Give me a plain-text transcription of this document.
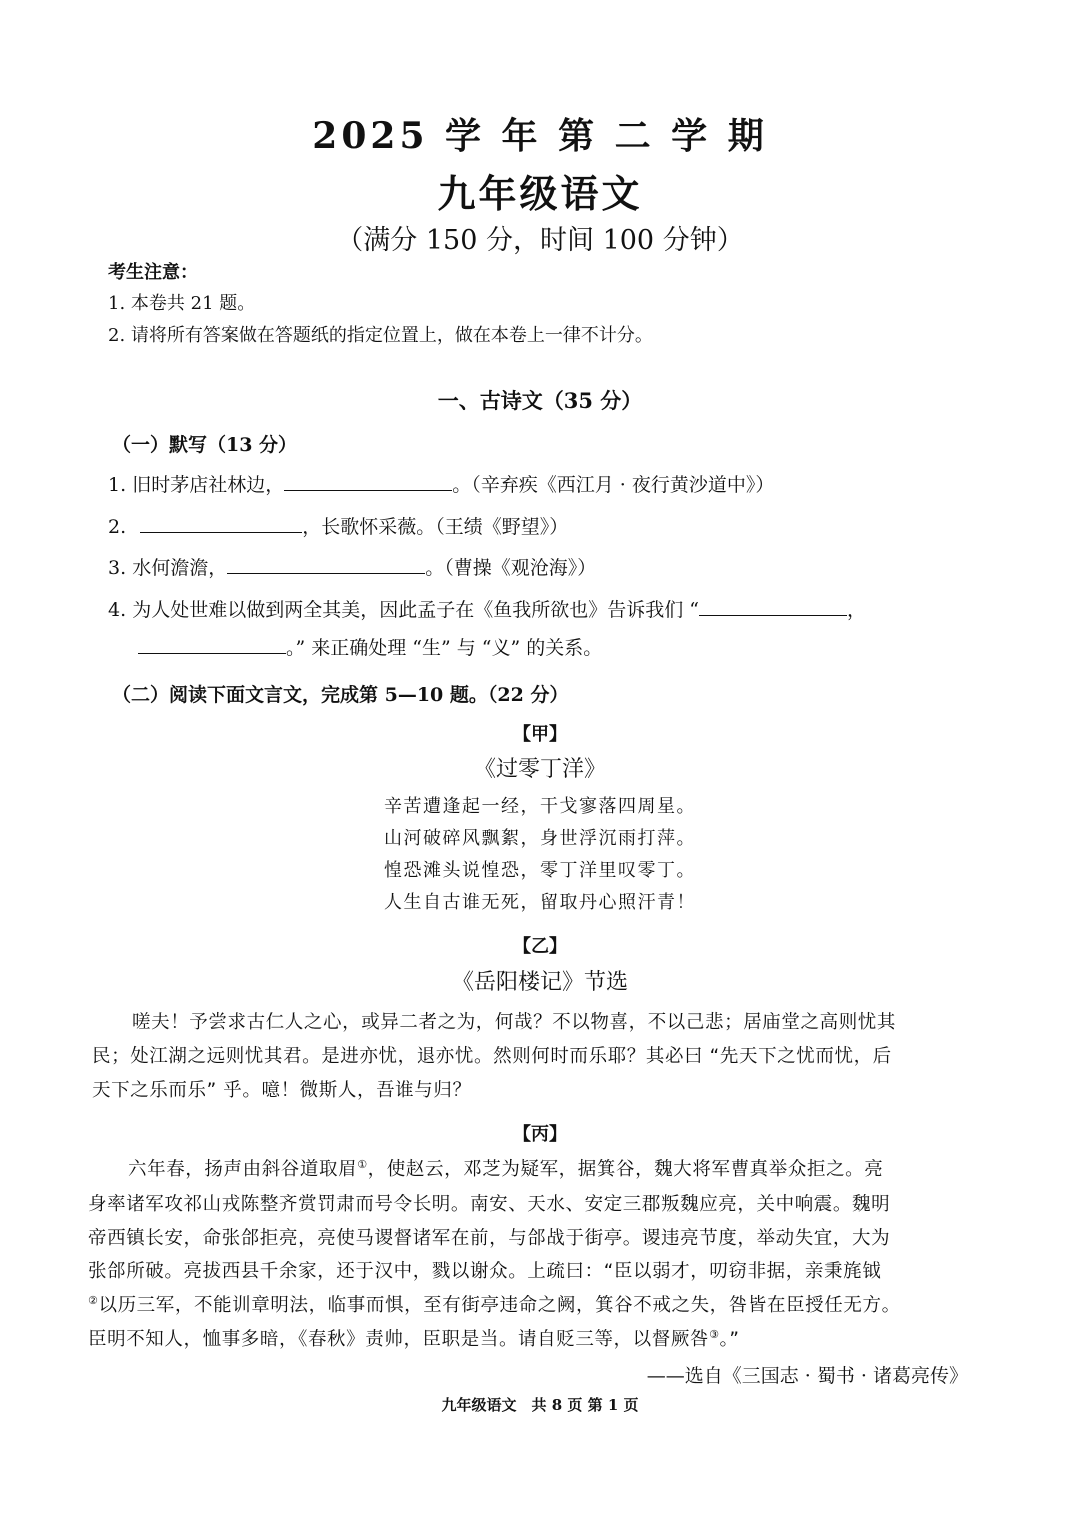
2025 学 年 第 二 学 期
九年级语文
（满分 150 分，时间 100 分钟）
考生注意：
1. 本卷共 21 题。
2. 请将所有答案做在答题纸的指定位置上，做在本卷上一律不计分。
一、古诗文（35 分）
（一）默写（13 分）
1. 旧时茅店社林边，	。（辛弃疾《西江月 · 夜行黄沙道中》）
2.	，长歌怀采薇。（王绩《野望》）
3. 水何澹澹，	。（曹操《观沧海》）
4. 为人处世难以做到两全其美，因此孟子在《鱼我所欲也》告诉我们 “	，
。” 来正确处理 “生” 与 “义” 的关系。
（二）阅读下面文言文，完成第 5—10 题。（22 分）
【甲】
《过零丁洋》
辛苦遭逢起一经，干戈寥落四周星。
山河破碎风飘絮，身世浮沉雨打萍。
惶恐滩头说惶恐，零丁洋里叹零丁。
人生自古谁无死，留取丹心照汗青！
【乙】
《岳阳楼记》节选
嗟夫！予尝求古仁人之心，或异二者之为，何哉？不以物喜，不以己悲；居庙堂之高则忧其
民；处江湖之远则忧其君。是进亦忧，退亦忧。然则何时而乐耶？其必曰 “先天下之忧而忧，后
天下之乐而乐” 乎。噫！微斯人，吾谁与归？
【丙】
六年春，扬声由斜谷道取眉①，使赵云，邓芝为疑军，据箕谷，魏大将军曹真举众拒之。亮
身率诸军攻祁山戎陈整齐赏罚肃而号令长明。南安、天水、安定三郡叛魏应亮，关中响震。魏明
帝西镇长安，命张郃拒亮，亮使马谡督诸军在前，与郃战于街亭。谡违亮节度，举动失宜，大为
张郃所破。亮拔西县千余家，还于汉中，戮以谢众。上疏曰：“臣以弱才，叨窃非据，亲秉旄钺
②以历三军，不能训章明法，临事而惧，至有街亭违命之阙，箕谷不戒之失，咎皆在臣授任无方。
臣明不知人，恤事多暗，《春秋》责帅，臣职是当。请自贬三等，以督厥咎③。”
——选自《三国志 · 蜀书 · 诸葛亮传》
九年级语文　共 8 页 第 1 页
